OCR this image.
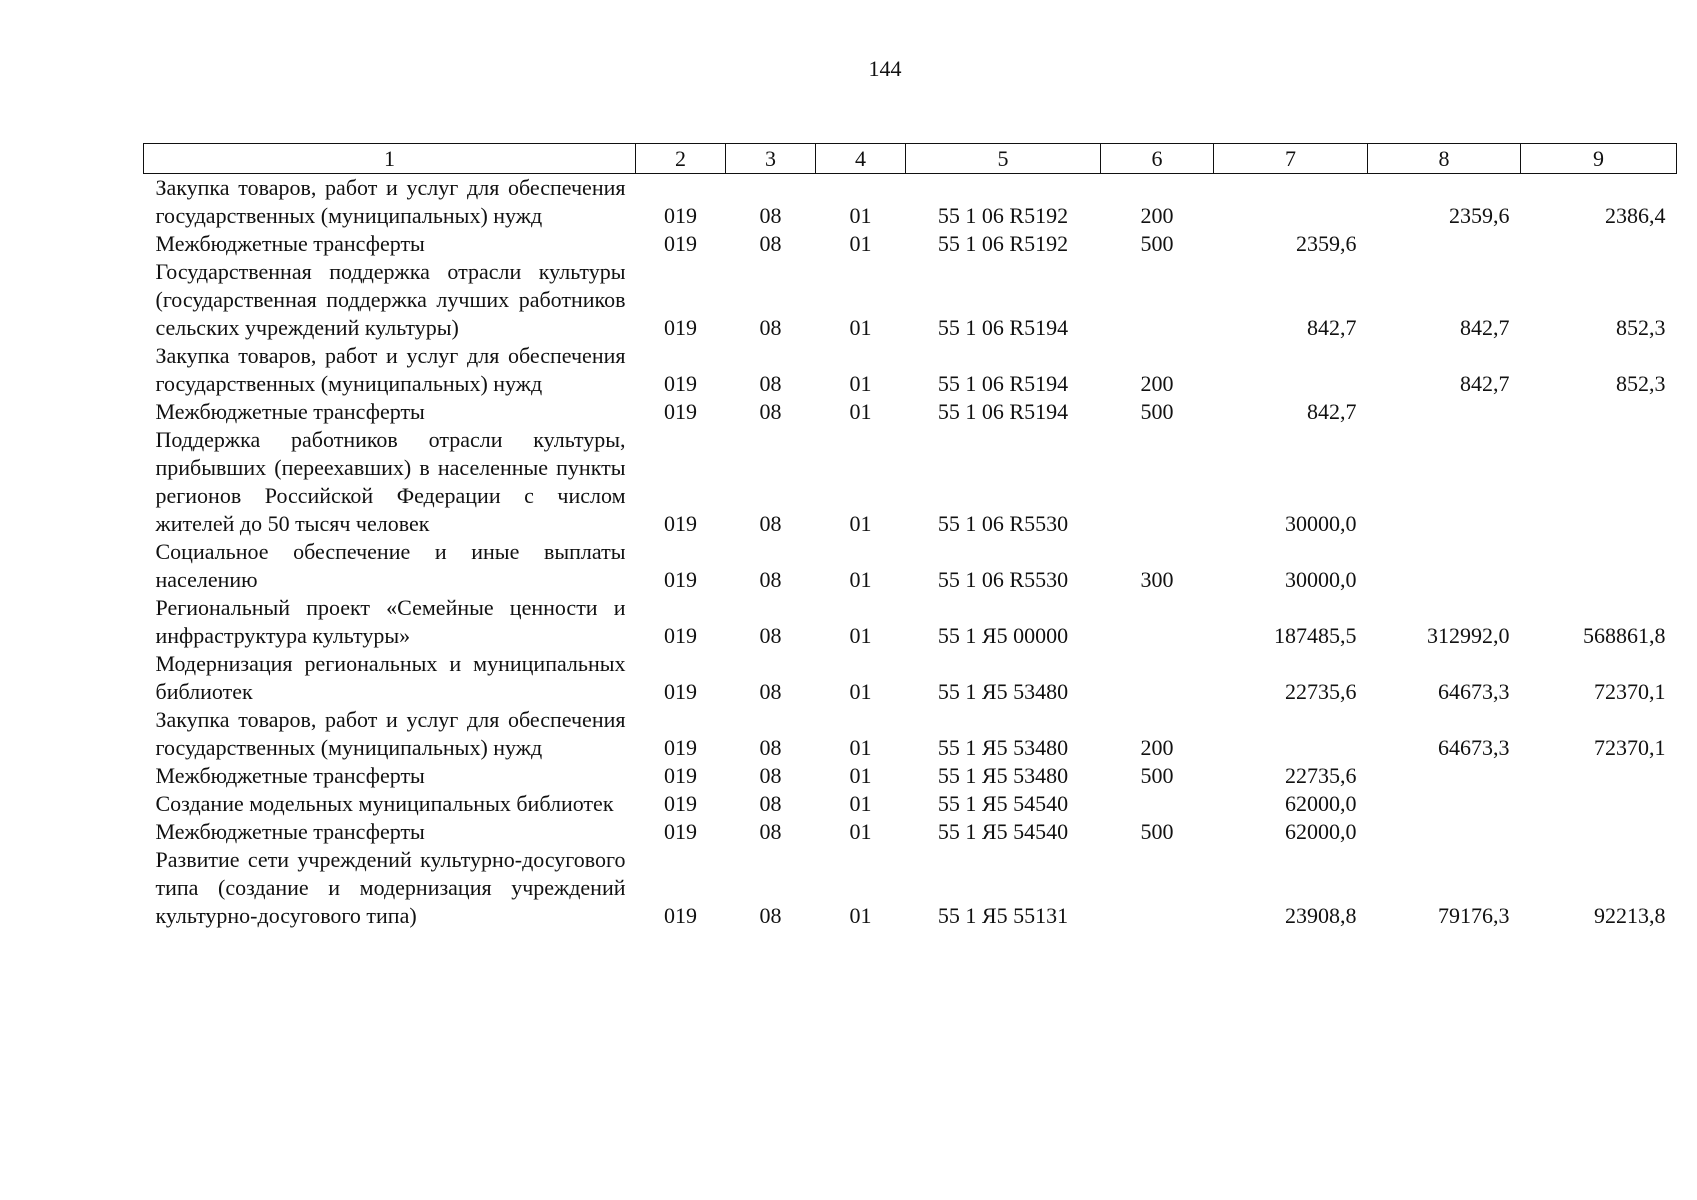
144
1	2	3	4	5	6	7	8	9
Закупка товаров, работ и услуг для обеспечения государственных (муниципальных) нужд	019	08	01	55 1 06 R5192	200		2359,6	2386,4
Межбюджетные трансферты	019	08	01	55 1 06 R5192	500	2359,6		
Государственная поддержка отрасли культуры (государственная поддержка лучших работников сельских учреждений культуры)	019	08	01	55 1 06 R5194		842,7	842,7	852,3
Закупка товаров, работ и услуг для обеспечения государственных (муниципальных) нужд	019	08	01	55 1 06 R5194	200		842,7	852,3
Межбюджетные трансферты	019	08	01	55 1 06 R5194	500	842,7		
Поддержка работников отрасли культуры, прибывших (переехавших) в населенные пункты регионов Российской Федерации с числом жителей до 50 тысяч человек	019	08	01	55 1 06 R5530		30000,0		
Социальное обеспечение и иные выплаты населению	019	08	01	55 1 06 R5530	300	30000,0		
Региональный проект «Семейные ценности и инфраструктура культуры»	019	08	01	55 1 Я5 00000		187485,5	312992,0	568861,8
Модернизация региональных и муниципальных библиотек	019	08	01	55 1 Я5 53480		22735,6	64673,3	72370,1
Закупка товаров, работ и услуг для обеспечения государственных (муниципальных) нужд	019	08	01	55 1 Я5 53480	200		64673,3	72370,1
Межбюджетные трансферты	019	08	01	55 1 Я5 53480	500	22735,6		
Создание модельных муниципальных библиотек	019	08	01	55 1 Я5 54540		62000,0		
Межбюджетные трансферты	019	08	01	55 1 Я5 54540	500	62000,0		
Развитие сети учреждений культурно-досугового типа (создание и модернизация учреждений культурно-досугового типа)	019	08	01	55 1 Я5 55131		23908,8	79176,3	92213,8
